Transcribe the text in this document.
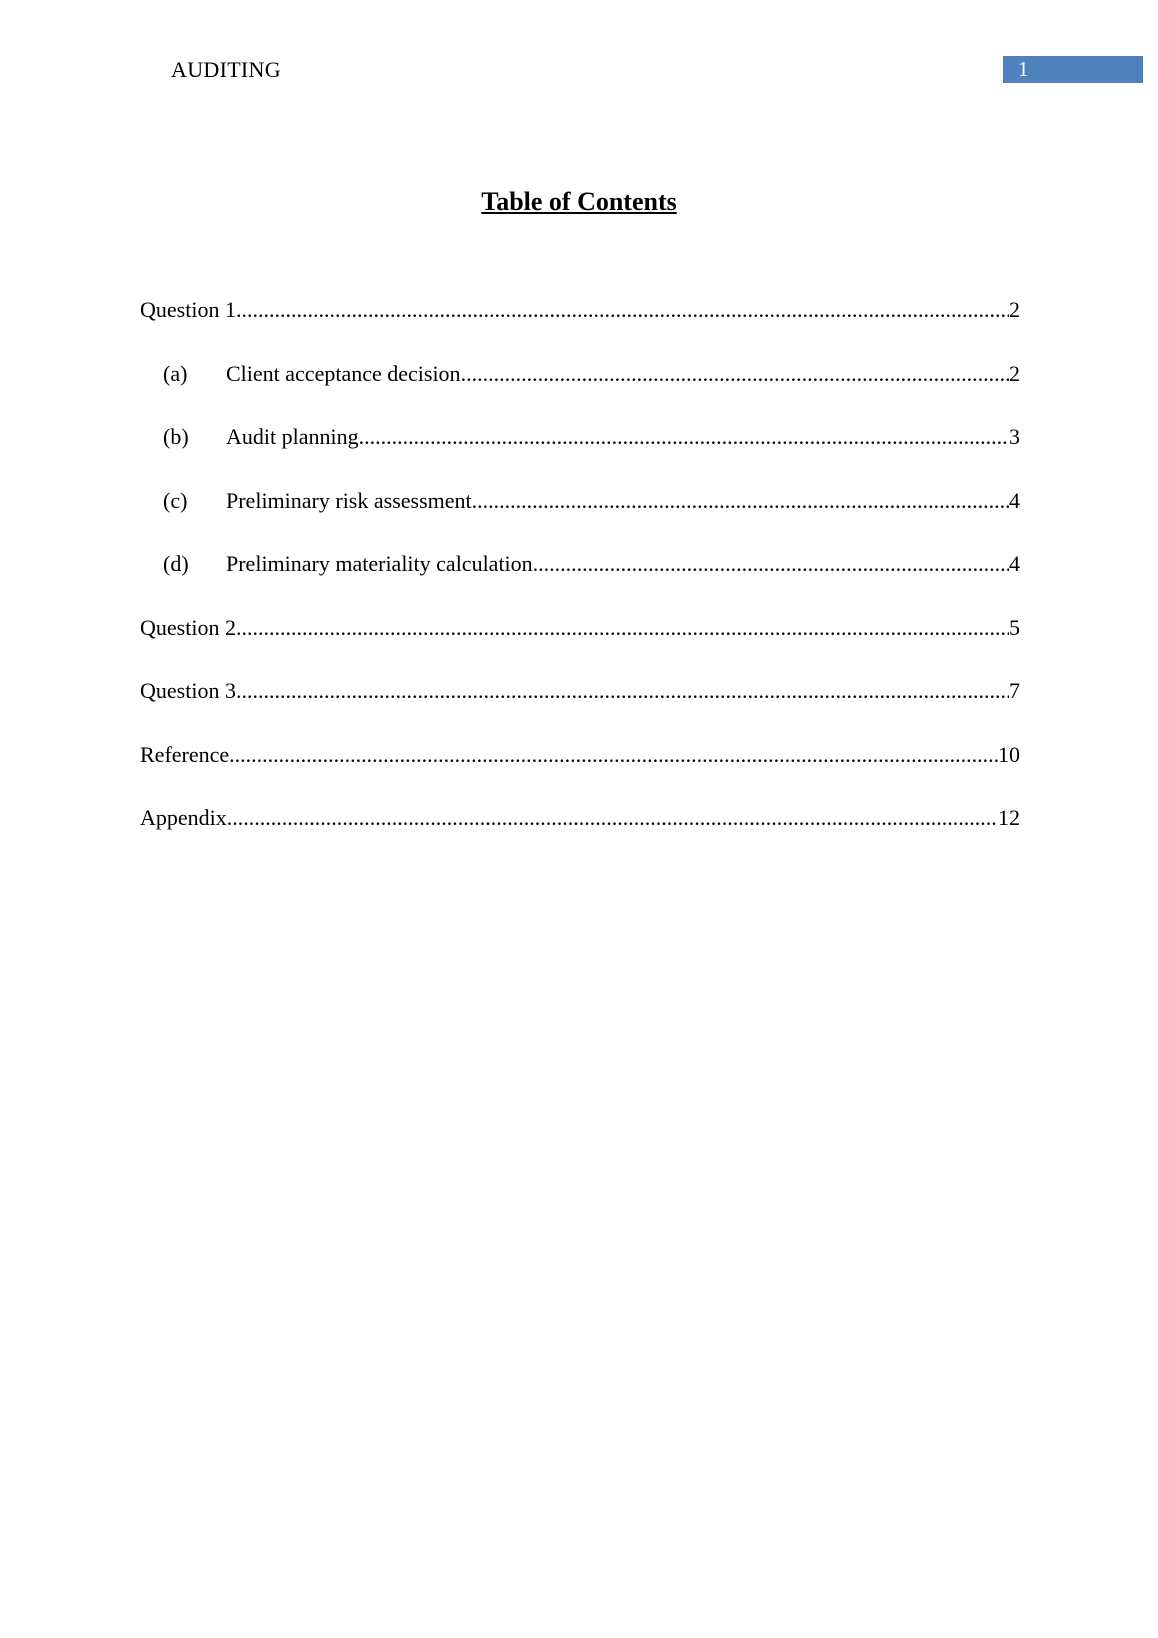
AUDITING	1
Table of Contents
Question 1 .....	2
(a)	Client acceptance decision .....	2
(b)	Audit planning .....	3
(c)	Preliminary risk assessment .....	4
(d)	Preliminary materiality calculation .....	4
Question 2 .....	5
Question 3 .....	7
Reference .....	10
Appendix .....	12
